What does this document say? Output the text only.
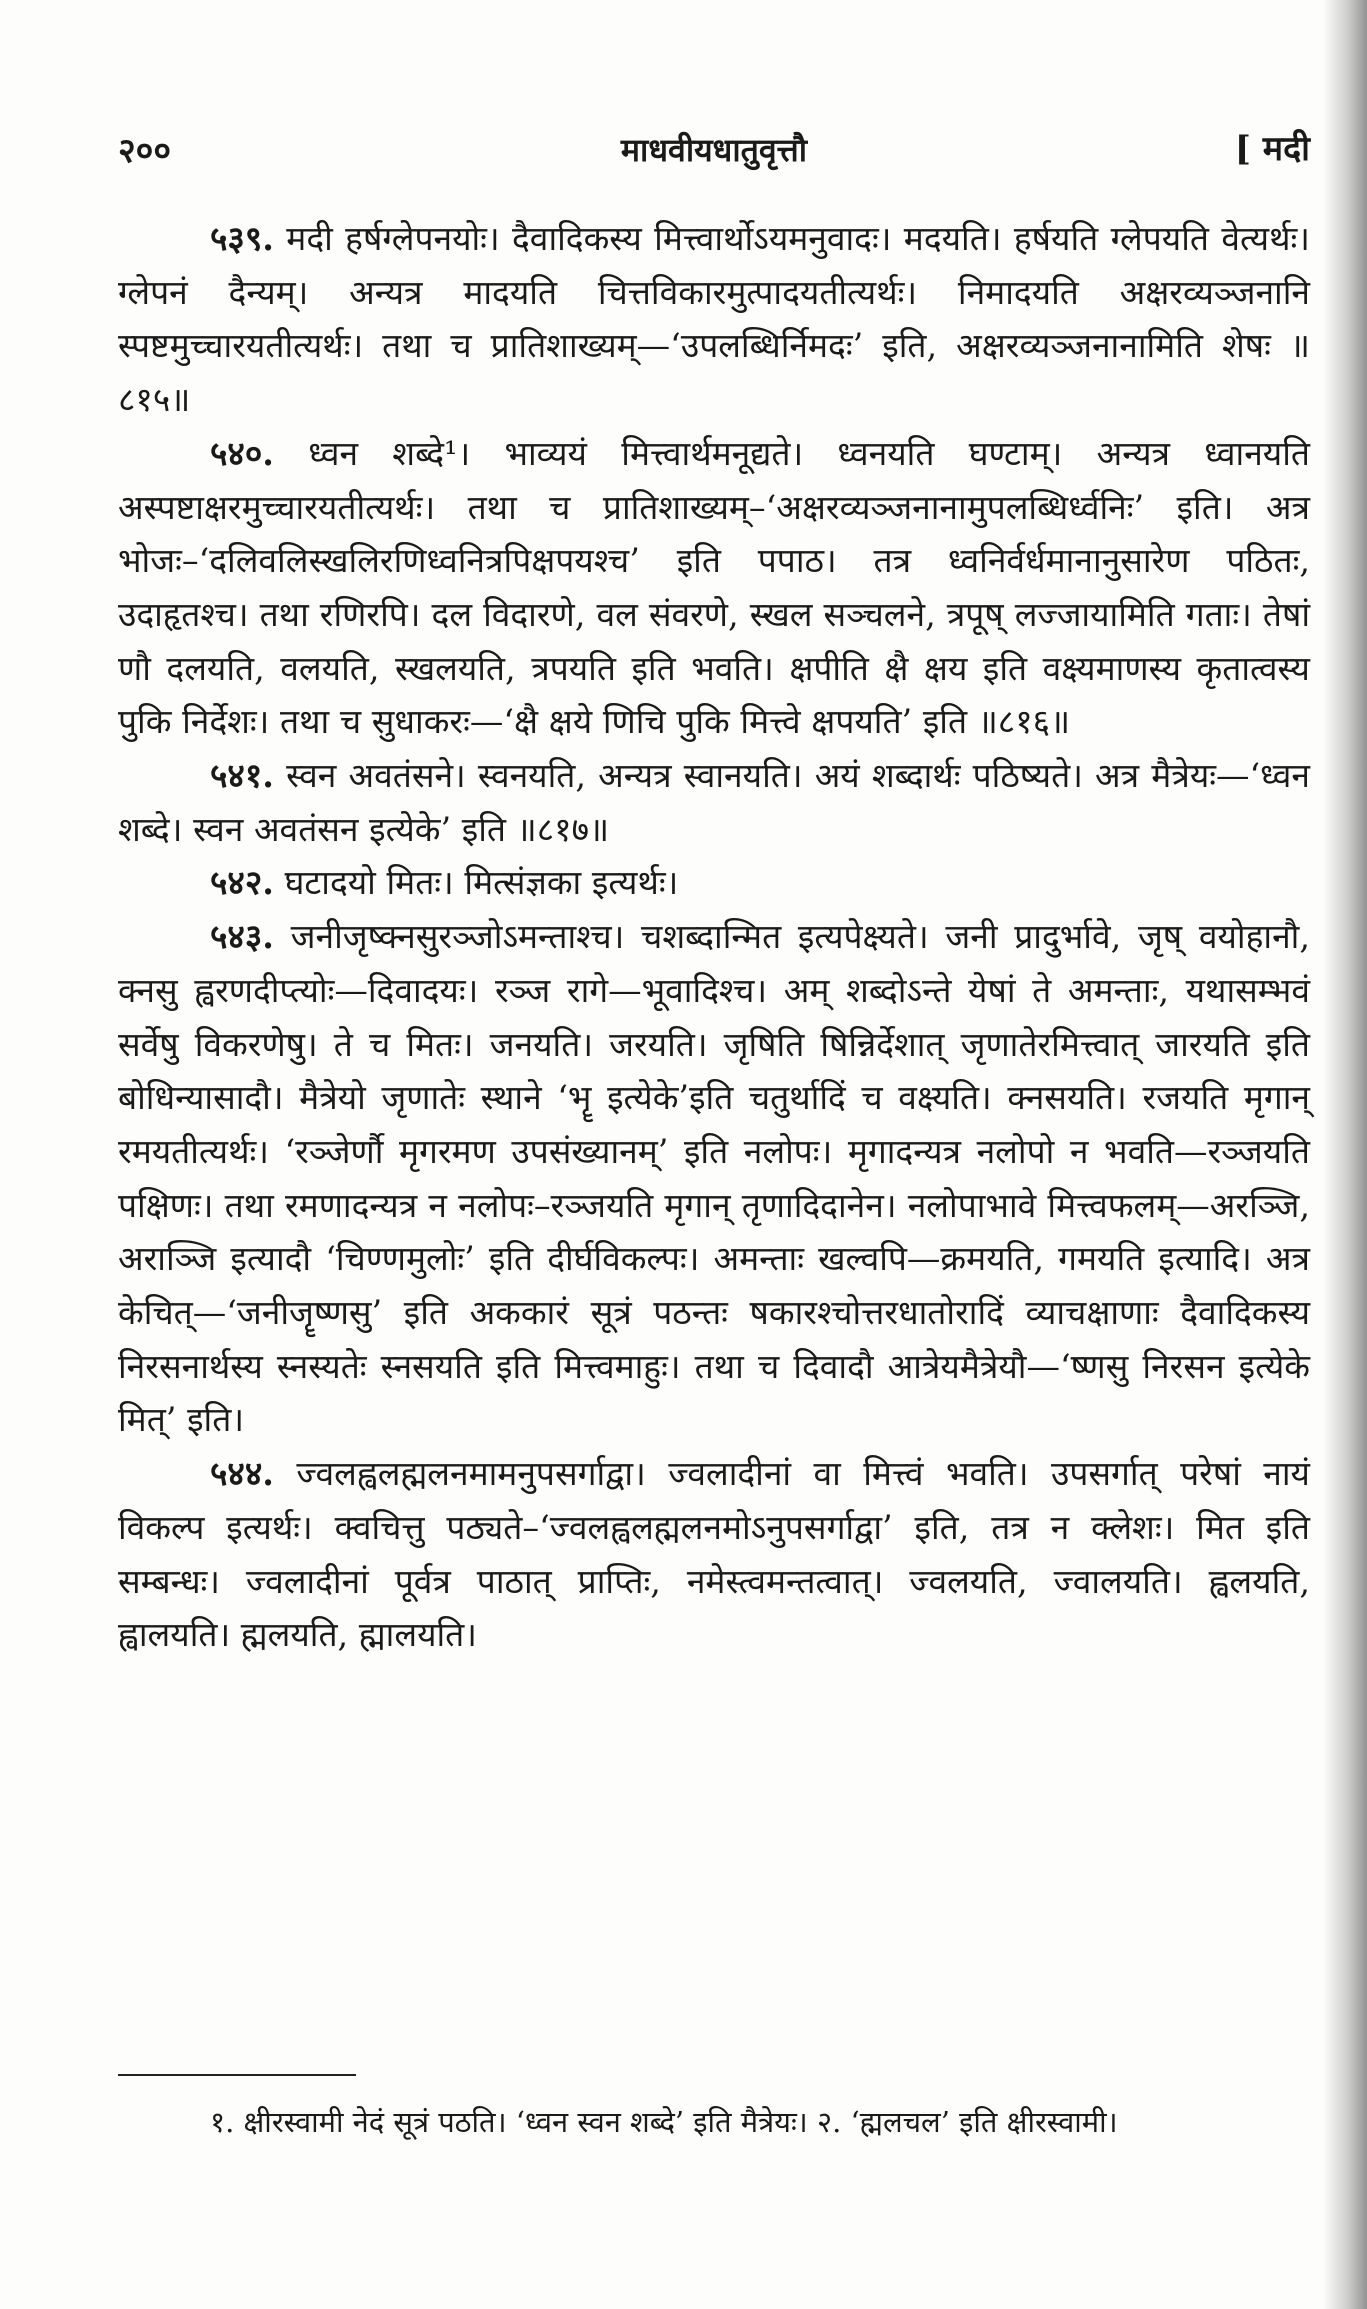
२००	माधवीयधातुवृत्तौ	[ मदी

५३९. मदी हर्षग्लेपनयोः। दैवादिकस्य मित्त्वार्थोऽयमनुवादः। मदयति। हर्षयति ग्लेपयति वेत्यर्थः। ग्लेपनं दैन्यम्। अन्यत्र मादयति चित्तविकारमुत्पादयतीत्यर्थः। निमादयति अक्षरव्यञ्जनानि स्पष्टमुच्चारयतीत्यर्थः। तथा च प्रातिशाख्यम्—‘उपलब्धिर्निमदः’ इति, अक्षरव्यञ्जनानामिति शेषः ॥८१५॥

५४०. ध्वन शब्दे¹। भाव्ययं मित्त्वार्थमनूद्यते। ध्वनयति घण्टाम्। अन्यत्र ध्वानयति अस्पष्टाक्षरमुच्चारयतीत्यर्थः। तथा च प्रातिशाख्यम्–‘अक्षरव्यञ्जनानामुपलब्धिर्ध्वनिः’ इति। अत्र भोजः–‘दलिवलिस्खलिरणिध्वनित्रपिक्षपयश्च’ इति पपाठ। तत्र ध्वनिर्वर्धमानानुसारेण पठितः, उदाहृतश्च। तथा रणिरपि। दल विदारणे, वल संवरणे, स्खल सञ्चलने, त्रपूष् लज्जायामिति गताः। तेषां णौ दलयति, वलयति, स्खलयति, त्रपयति इति भवति। क्षपीति क्षै क्षय इति वक्ष्यमाणस्य कृतात्वस्य पुकि निर्देशः। तथा च सुधाकरः—‘क्षै क्षये णिचि पुकि मित्त्वे क्षपयति’ इति ॥८१६॥

५४१. स्वन अवतंसने। स्वनयति, अन्यत्र स्वानयति। अयं शब्दार्थः पठिष्यते। अत्र मैत्रेयः—‘ध्वन शब्दे। स्वन अवतंसन इत्येके’ इति ॥८१७॥

५४२. घटादयो मितः। मित्संज्ञका इत्यर्थः।

५४३. जनीजृष्क्नसुरञ्जोऽमन्ताश्च। चशब्दान्मित इत्यपेक्ष्यते। जनी प्रादुर्भावे, जृष् वयोहानौ, क्नसु ह्वरणदीप्त्योः—दिवादयः। रञ्ज रागे—भूवादिश्च। अम् शब्दोऽन्ते येषां ते अमन्ताः, यथासम्भवं सर्वेषु विकरणेषु। ते च मितः। जनयति। जरयति। जृषिति षिन्निर्देशात् जृणातेरमित्त्वात् जारयति इति बोधिन्यासादौ। मैत्रेयो जृणातेः स्थाने ‘भॄ इत्येके’इति चतुर्थादिं च वक्ष्यति। क्नसयति। रजयति मृगान् रमयतीत्यर्थः। ‘रञ्जेर्णौ मृगरमण उपसंख्यानम्’ इति नलोपः। मृगादन्यत्र नलोपो न भवति—रञ्जयति पक्षिणः। तथा रमणादन्यत्र न नलोपः–रञ्जयति मृगान् तृणादिदानेन। नलोपाभावे मित्त्वफलम्—अरञ्जि, अराञ्जि इत्यादौ ‘चिण्णमुलोः’ इति दीर्घविकल्पः। अमन्ताः खल्वपि—क्रमयति, गमयति इत्यादि। अत्र केचित्—‘जनीजॄष्णसु’ इति अककारं सूत्रं पठन्तः षकारश्चोत्तरधातोरादिं व्याचक्षाणाः दैवादिकस्य निरसनार्थस्य स्नस्यतेः स्नसयति इति मित्त्वमाहुः। तथा च दिवादौ आत्रेयमैत्रेयौ—‘ष्णसु निरसन इत्येके मित्’ इति।

५४४. ज्वलह्वलह्मलनमामनुपसर्गाद्वा। ज्वलादीनां वा मित्त्वं भवति। उपसर्गात् परेषां नायं विकल्प इत्यर्थः। क्वचित्तु पठ्यते–‘ज्वलह्वलह्मलनमोऽनुपसर्गाद्वा’ इति, तत्र न क्लेशः। मित इति सम्बन्धः। ज्वलादीनां पूर्वत्र पाठात् प्राप्तिः, नमेस्त्वमन्तत्वात्। ज्वलयति, ज्वालयति। ह्वलयति, ह्वालयति। ह्मलयति, ह्मालयति।

१. क्षीरस्वामी नेदं सूत्रं पठति। ‘ध्वन स्वन शब्दे’ इति मैत्रेयः। २. ‘ह्मलचल’ इति क्षीरस्वामी।
